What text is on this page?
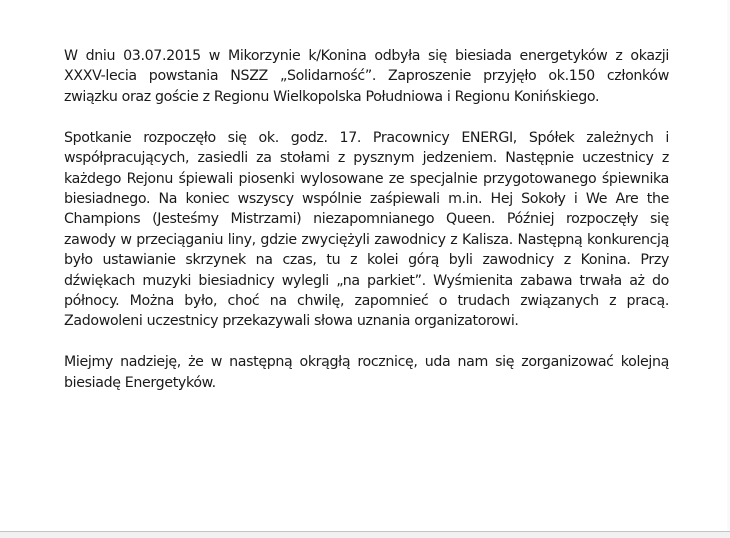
W dniu 03.07.2015 w Mikorzynie k/Konina odbyła się biesiada energetyków z okazji XXXV-lecia powstania NSZZ „Solidarność”. Zaproszenie przyjęło ok.150 członków związku oraz goście z Regionu Wielkopolska Południowa i Regionu Konińskiego.

Spotkanie rozpoczęło się ok. godz. 17. Pracownicy ENERGI, Spółek zależnych i współpracujących, zasiedli za stołami z pysznym jedzeniem. Następnie uczestnicy z każdego Rejonu śpiewali piosenki wylosowane ze specjalnie przygotowanego śpiewnika biesiadnego. Na koniec wszyscy wspólnie zaśpiewali m.in. Hej Sokoły i We Are the Champions (Jesteśmy Mistrzami) niezapomnianego Queen. Później rozpoczęły się zawody w przeciąganiu liny, gdzie zwyciężyli zawodnicy z Kalisza. Następną konkurencją było ustawianie skrzynek na czas, tu z kolei górą byli zawodnicy z Konina. Przy dźwiękach muzyki biesiadnicy wylegli „na parkiet”. Wyśmienita zabawa trwała aż do północy. Można było, choć na chwilę, zapomnieć o trudach związanych z pracą. Zadowoleni uczestnicy przekazywali słowa uznania organizatorowi.

Miejmy nadzieję, że w następną okrągłą rocznicę, uda nam się zorganizować kolejną biesiadę Energetyków.
